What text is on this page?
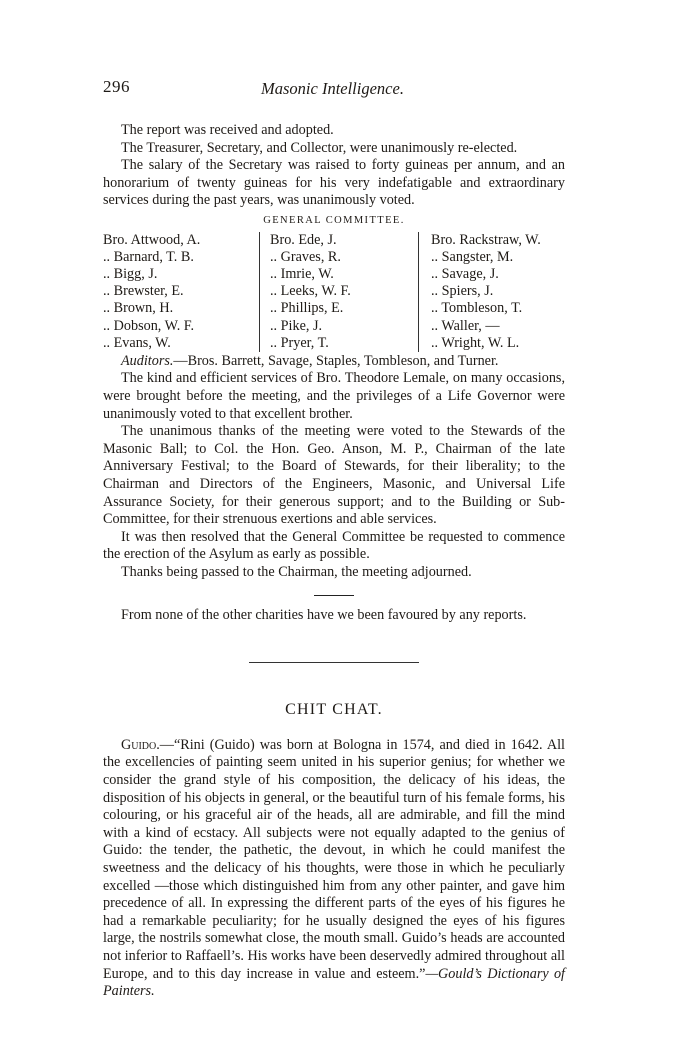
296	Masonic Intelligence.

The report was received and adopted.

The Treasurer, Secretary, and Collector, were unanimously re-elected.

The salary of the Secretary was raised to forty guineas per annum, and an honorarium of twenty guineas for his very indefatigable and extraordinary services during the past years, was unanimously voted.

GENERAL COMMITTEE.
Bro. Attwood, A.
.. Barnard, T. B.
.. Bigg, J.
.. Brewster, E.
.. Brown, H.
.. Dobson, W. F.
.. Evans, W.
Bro. Ede, J.
.. Graves, R.
.. Imrie, W.
.. Leeks, W. F.
.. Phillips, E.
.. Pike, J.
.. Pryer, T.
Bro. Rackstraw, W.
.. Sangster, M.
.. Savage, J.
.. Spiers, J.
.. Tombleson, T.
.. Waller, —
.. Wright, W. L.

Auditors.—Bros. Barrett, Savage, Staples, Tombleson, and Turner.

The kind and efficient services of Bro. Theodore Lemale, on many occasions, were brought before the meeting, and the privileges of a Life Governor were unanimously voted to that excellent brother.

The unanimous thanks of the meeting were voted to the Stewards of the Masonic Ball; to Col. the Hon. Geo. Anson, M. P., Chairman of the late Anniversary Festival; to the Board of Stewards, for their liberality; to the Chairman and Directors of the Engineers, Masonic, and Universal Life Assurance Society, for their generous support; and to the Building or Sub-Committee, for their strenuous exertions and able services.

It was then resolved that the General Committee be requested to commence the erection of the Asylum as early as possible.

Thanks being passed to the Chairman, the meeting adjourned.

From none of the other charities have we been favoured by any reports.

CHIT CHAT.

Guido.—“Rini (Guido) was born at Bologna in 1574, and died in 1642. All the excellencies of painting seem united in his superior genius; for whether we consider the grand style of his composition, the delicacy of his ideas, the disposition of his objects in general, or the beautiful turn of his female forms, his colouring, or his graceful air of the heads, all are admirable, and fill the mind with a kind of ecstacy. All subjects were not equally adapted to the genius of Guido: the tender, the pathetic, the devout, in which he could manifest the sweetness and the delicacy of his thoughts, were those in which he peculiarly excelled —those which distinguished him from any other painter, and gave him precedence of all. In expressing the different parts of the eyes of his figures he had a remarkable peculiarity; for he usually designed the eyes of his figures large, the nostrils somewhat close, the mouth small. Guido’s heads are accounted not inferior to Raffaell’s. His works have been deservedly admired throughout all Europe, and to this day increase in value and esteem.”—Gould’s Dictionary of Painters.
